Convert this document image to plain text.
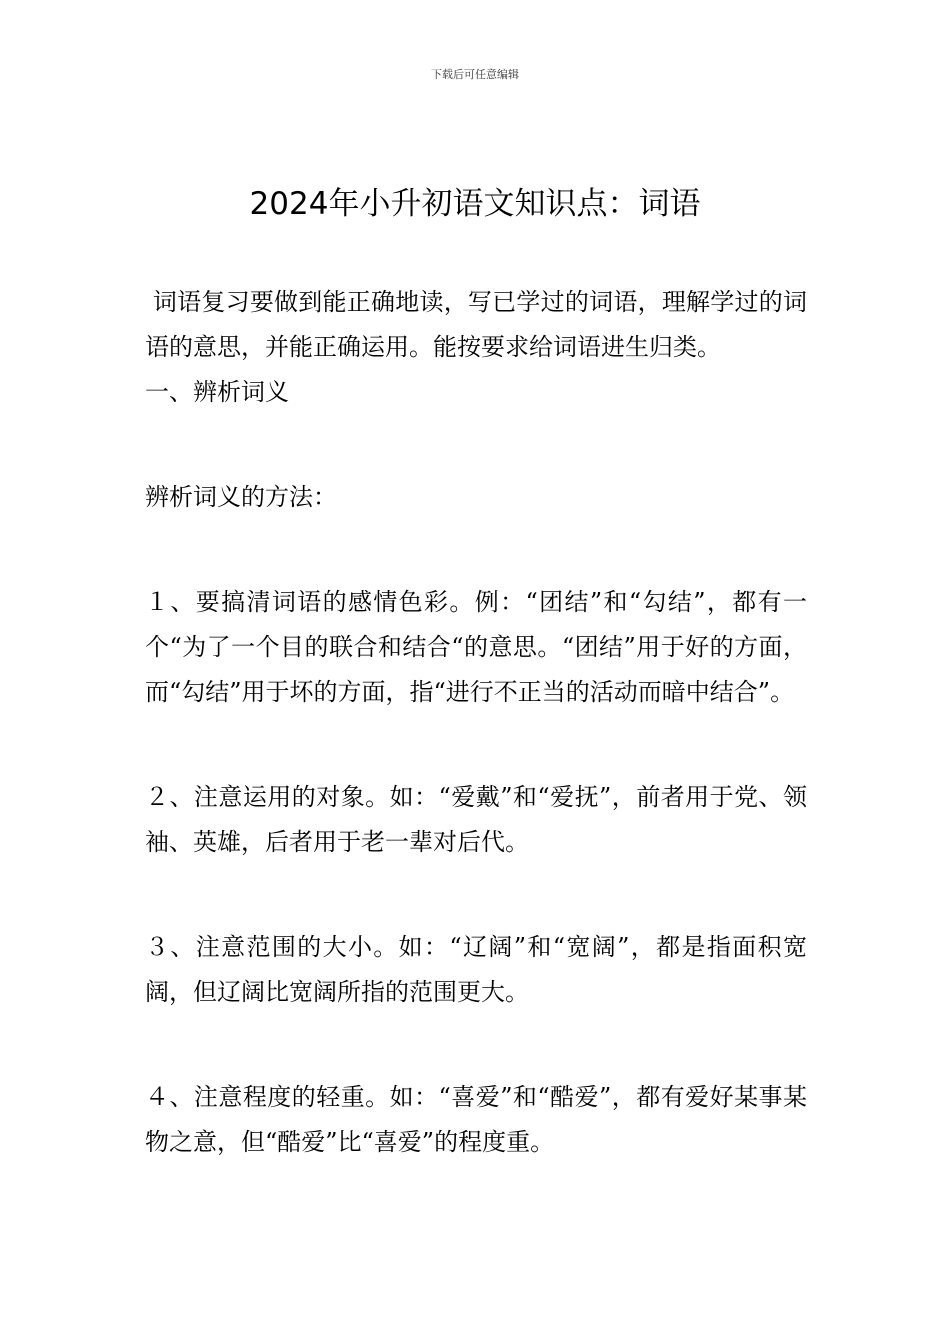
下载后可任意编辑
2024年小升初语文知识点：词语

词语复习要做到能正确地读，写已学过的词语，理解学过的词语的意思，并能正确运用。能按要求给词语进生归类。

一、辨析词义

辨析词义的方法：

１、要搞清词语的感情色彩。例：“团结”和“勾结”，都有一个“为了一个目的联合和结合“的意思。“团结”用于好的方面，而“勾结”用于坏的方面，指“进行不正当的活动而暗中结合”。

２、注意运用的对象。如：“爱戴”和“爱抚”，前者用于党、领袖、英雄，后者用于老一辈对后代。

３、注意范围的大小。如：“辽阔”和“宽阔”，都是指面积宽阔，但辽阔比宽阔所指的范围更大。

４、注意程度的轻重。如：“喜爱”和“酷爱”，都有爱好某事某物之意，但“酷爱”比“喜爱”的程度重。
